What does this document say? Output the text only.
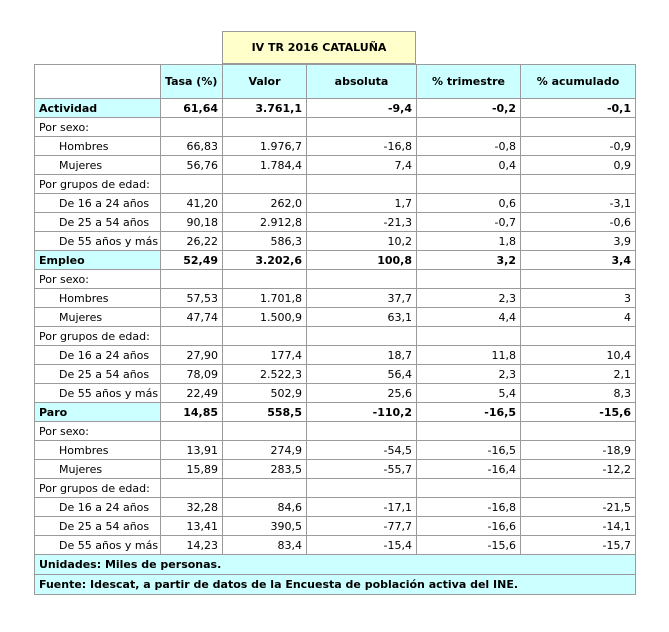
IV TR 2016 CATALUÑA
	Tasa (%)	Valor	absoluta	% trimestre	% acumulado
Actividad	61,64	3.761,1	-9,4	-0,2	-0,1
Por sexo:					
Hombres	66,83	1.976,7	-16,8	-0,8	-0,9
Mujeres	56,76	1.784,4	7,4	0,4	0,9
Por grupos de edad:					
De 16 a 24 años	41,20	262,0	1,7	0,6	-3,1
De 25 a 54 años	90,18	2.912,8	-21,3	-0,7	-0,6
De 55 años y más	26,22	586,3	10,2	1,8	3,9
Empleo	52,49	3.202,6	100,8	3,2	3,4
Por sexo:					
Hombres	57,53	1.701,8	37,7	2,3	3
Mujeres	47,74	1.500,9	63,1	4,4	4
Por grupos de edad:					
De 16 a 24 años	27,90	177,4	18,7	11,8	10,4
De 25 a 54 años	78,09	2.522,3	56,4	2,3	2,1
De 55 años y más	22,49	502,9	25,6	5,4	8,3
Paro	14,85	558,5	-110,2	-16,5	-15,6
Por sexo:					
Hombres	13,91	274,9	-54,5	-16,5	-18,9
Mujeres	15,89	283,5	-55,7	-16,4	-12,2
Por grupos de edad:					
De 16 a 24 años	32,28	84,6	-17,1	-16,8	-21,5
De 25 a 54 años	13,41	390,5	-77,7	-16,6	-14,1
De 55 años y más	14,23	83,4	-15,4	-15,6	-15,7
Unidades: Miles de personas.					
Fuente: Idescat, a partir de datos de la Encuesta de población activa del INE.					
